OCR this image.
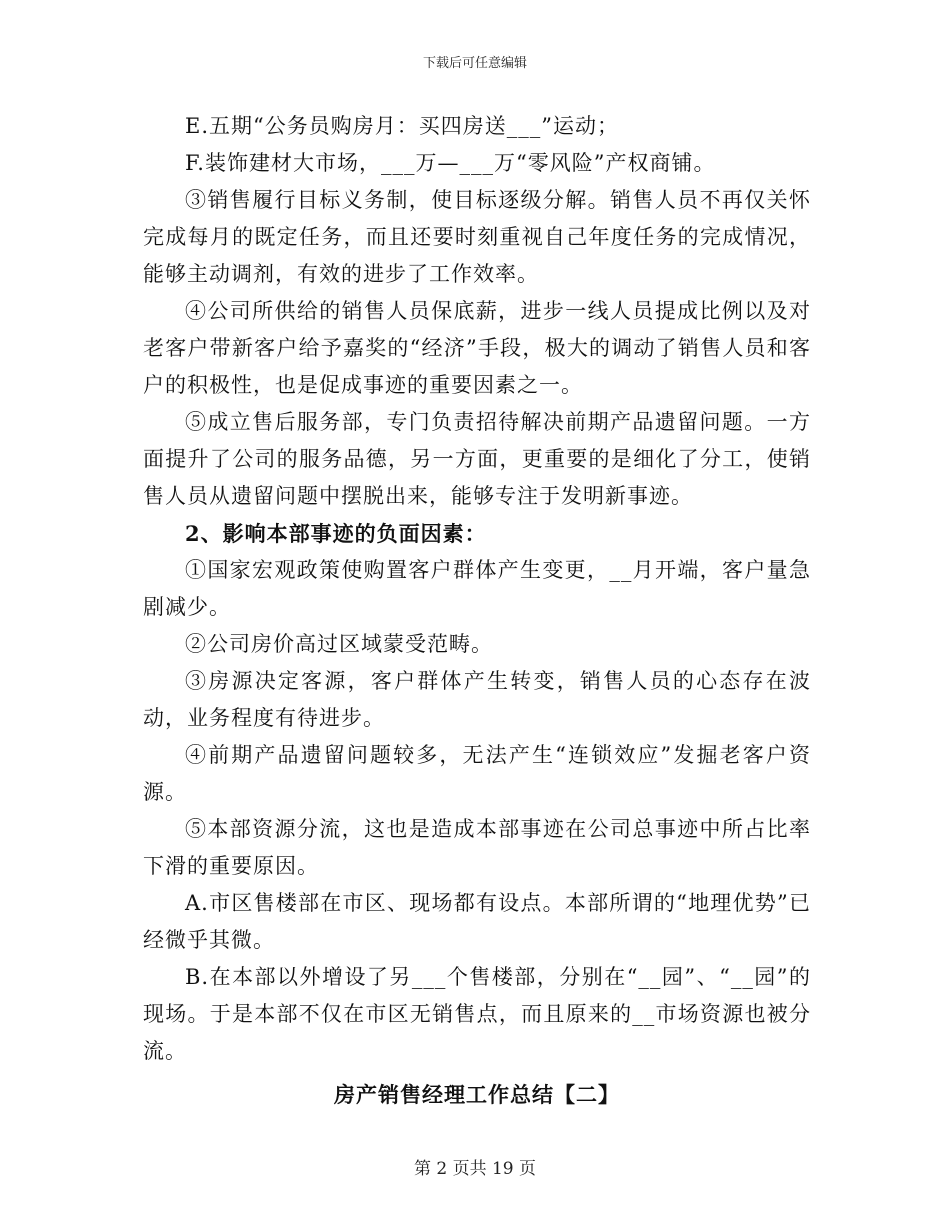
下载后可任意编辑

E.五期“公务员购房月：买四房送___”运动；

F.装饰建材大市场，___万—___万“零风险”产权商铺。

③销售履行目标义务制，使目标逐级分解。销售人员不再仅关怀完成每月的既定任务，而且还要时刻重视自己年度任务的完成情况，能够主动调剂，有效的进步了工作效率。

④公司所供给的销售人员保底薪，进步一线人员提成比例以及对老客户带新客户给予嘉奖的“经济”手段，极大的调动了销售人员和客户的积极性，也是促成事迹的重要因素之一。

⑤成立售后服务部，专门负责招待解决前期产品遗留问题。一方面提升了公司的服务品德，另一方面，更重要的是细化了分工，使销售人员从遗留问题中摆脱出来，能够专注于发明新事迹。

2、影响本部事迹的负面因素：

①国家宏观政策使购置客户群体产生变更，__月开端，客户量急剧减少。

②公司房价高过区域蒙受范畴。

③房源决定客源，客户群体产生转变，销售人员的心态存在波动，业务程度有待进步。

④前期产品遗留问题较多，无法产生“连锁效应”发掘老客户资源。

⑤本部资源分流，这也是造成本部事迹在公司总事迹中所占比率下滑的重要原因。

A.市区售楼部在市区、现场都有设点。本部所谓的“地理优势”已经微乎其微。

B.在本部以外增设了另___个售楼部，分别在“__园”、“__园”的现场。于是本部不仅在市区无销售点，而且原来的__市场资源也被分流。

房产销售经理工作总结【二】

第 2 页共 19 页
